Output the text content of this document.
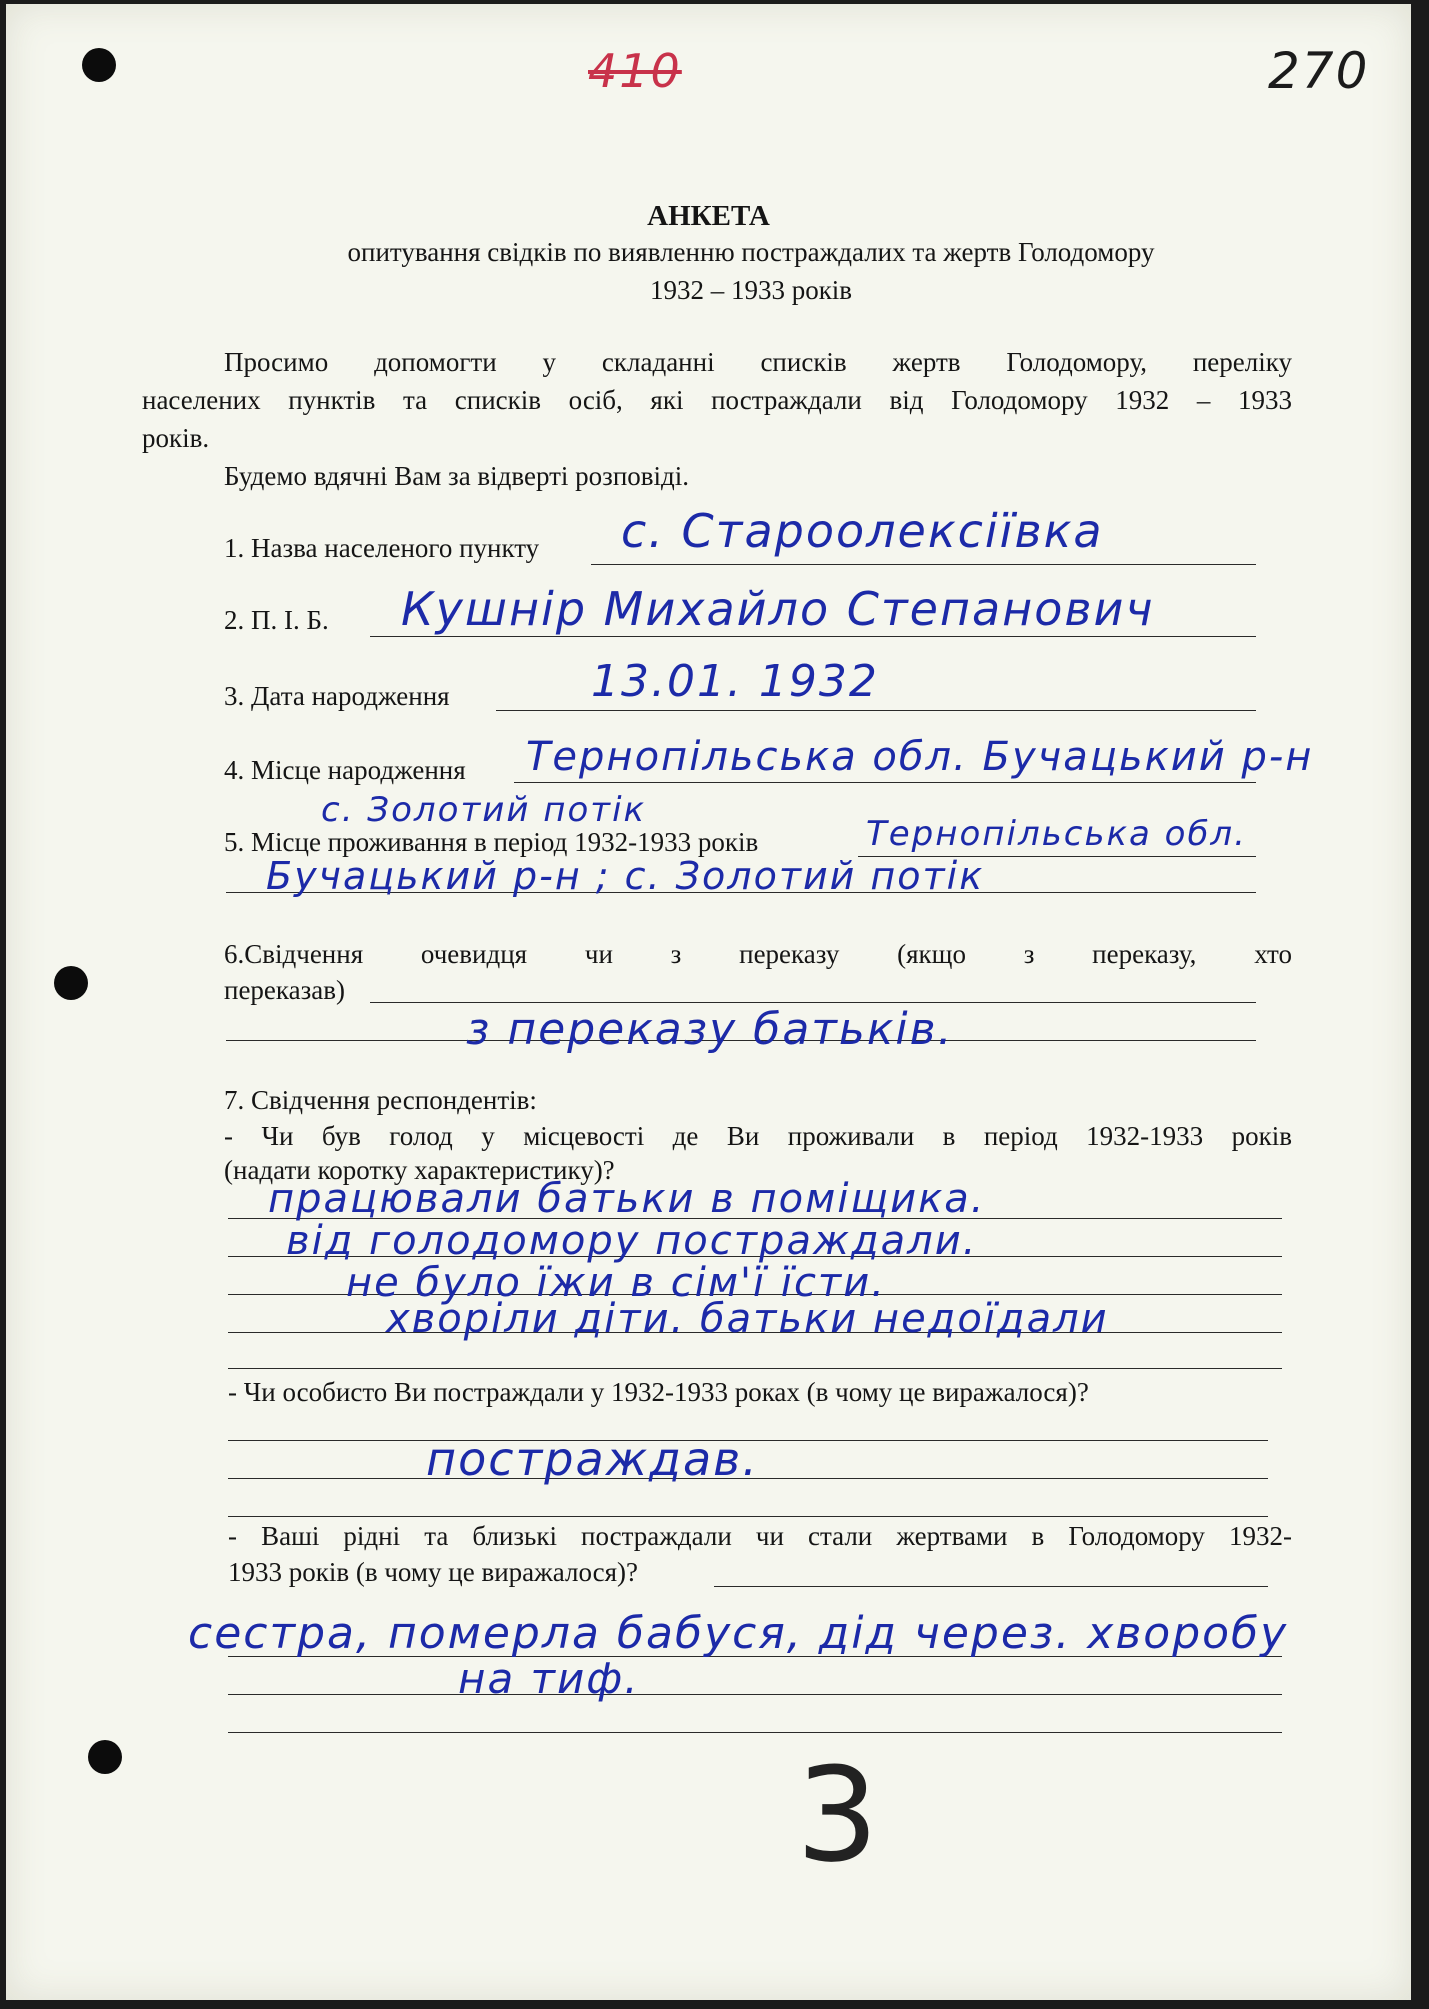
410	270
АНКЕТА
опитування свідків по виявленню постраждалих та жертв Голодомору
1932 – 1933 років
Просимо допомогти у складанні списків жертв Голодомору, переліку
населених пунктів та списків осіб, які постраждали від Голодомору 1932 – 1933
років.
Будемо вдячні Вам за відверті розповіді.
1. Назва населеного пункту с. Староолексіївка
2. П. І. Б. Кушнір Михайло Степанович
3. Дата народження	13.01. 1932
4. Місце народження Тернопільська обл. Бучацький р-н
с. Золотий потік
5. Місце проживання в період 1932-1933 років	Тернопільська обл.
Бучацький р-н ; с. Золотий потік
6.Свідчення очевидця чи з переказу (якщо з переказу, хто
переказав)
з переказу батьків.
7. Свідчення респондентів:
- Чи був голод у місцевості де Ви проживали в період 1932-1933 років
(надати коротку характеристику)?
працювали батьки в поміщика.
від голодомору постраждали.
не було їжи в сім'ї їсти.
хворіли діти. батьки недоїдали
- Чи особисто Ви постраждали у 1932-1933 роках (в чому це виражалося)?
постраждав.
- Ваші рідні та близькі постраждали чи стали жертвами в Голодомору 1932-
1933 років (в чому це виражалося)?
сестра, померла бабуся, дід через. хворобу
на тиф.
3
